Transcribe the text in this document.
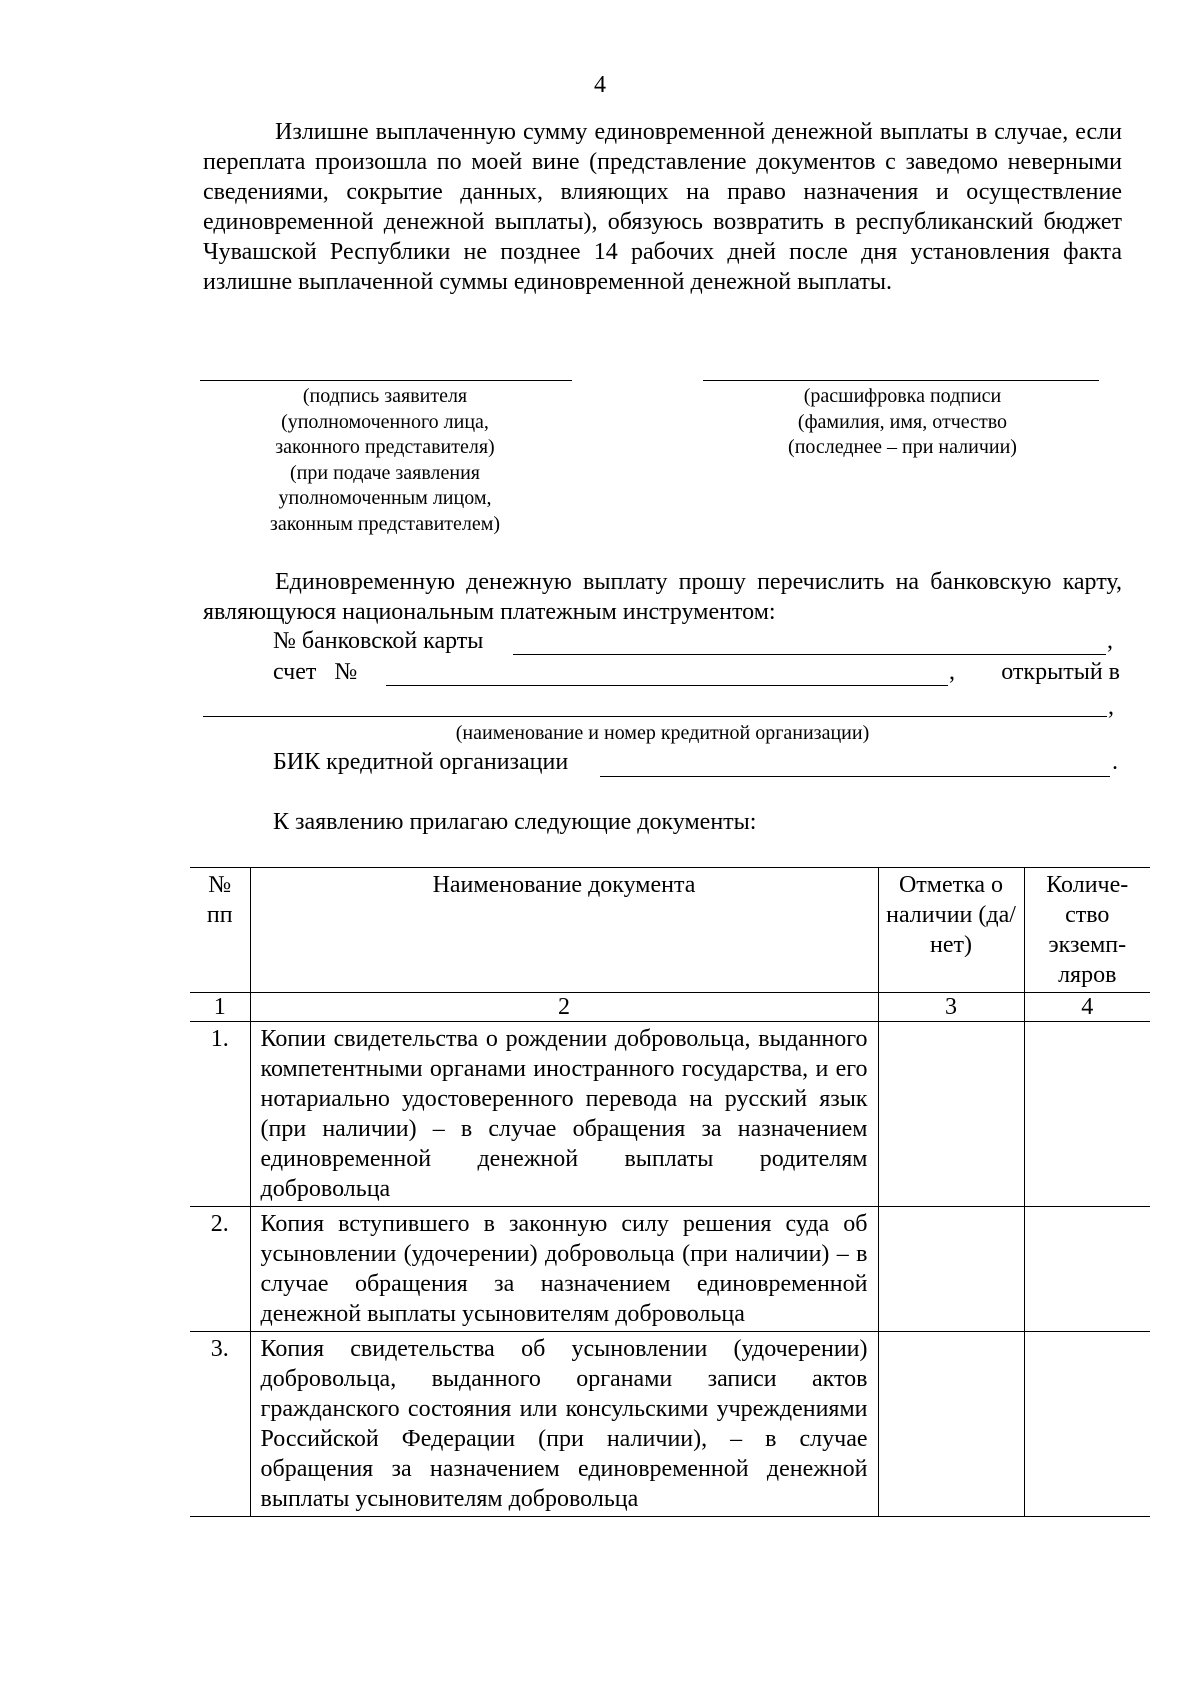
4

Излишне выплаченную сумму единовременной денежной выплаты в случае, если переплата произошла по моей вине (представление документов с заведомо неверными сведениями, сокрытие данных, влияющих на право назначения и осуществление единовременной денежной выплаты), обязуюсь возвратить в республиканский бюджет Чувашской Республики не позднее 14 рабочих дней после дня установления факта излишне выплаченной суммы единовременной денежной выплаты.

(подпись заявителя
(уполномоченного лица,
законного представителя)
(при подаче заявления
уполномоченным лицом,
законным представителем)
(расшифровка подписи
(фамилия, имя, отчество
(последнее – при наличии)

Единовременную денежную выплату прошу перечислить на банковскую карту, являющуюся национальным платежным инструментом:

№ банковской карты	,
счет   №	,	открытый в
,
(наименование и номер кредитной организации)
БИК кредитной организации	.
К заявлению прилагаю следующие документы:
№ пп	Наименование документа	Отметка о наличии (да/нет)	Количе-ство экземп-ляров
1	2	3	4
1.	Копии свидетельства о рождении добровольца, выданного компетентными органами иностранного государства, и его нотариально удостоверенного перевода на русский язык (при наличии) – в случае обращения за назначением единовременной денежной выплаты родителям добровольца		
2.	Копия вступившего в законную силу решения суда об усыновлении (удочерении) добровольца (при наличии) – в случае обращения за назначением единовременной денежной выплаты усыновителям добровольца		
3.	Копия свидетельства об усыновлении (удочерении) добровольца, выданного органами записи актов гражданского состояния или консульскими учреждениями Российской Федерации (при наличии), – в случае обращения за назначением единовременной денежной выплаты усыновителям добровольца		
